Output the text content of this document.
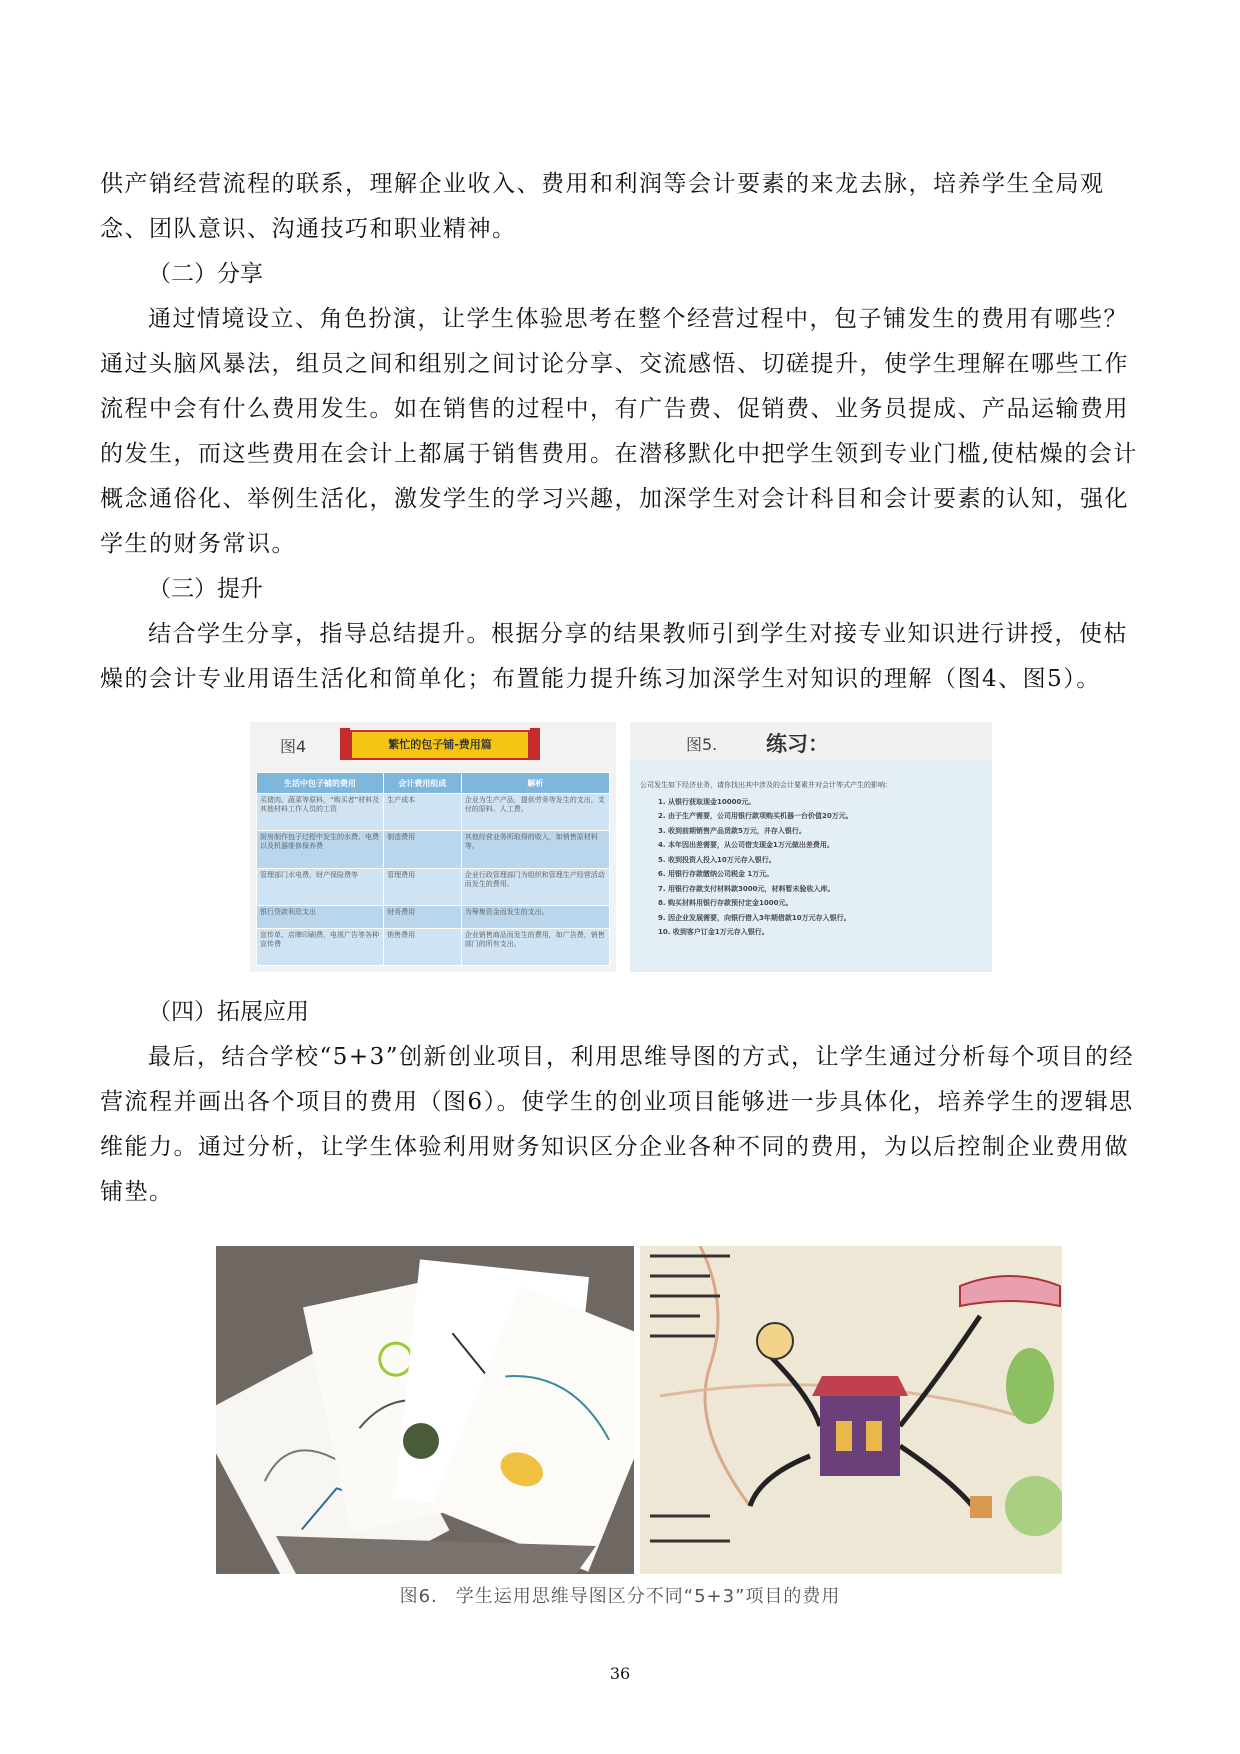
供产销经营流程的联系，理解企业收入、费用和利润等会计要素的来龙去脉，培养学生全局观念、团队意识、沟通技巧和职业精神。

（二）分享

通过情境设立、角色扮演，让学生体验思考在整个经营过程中，包子铺发生的费用有哪些？通过头脑风暴法，组员之间和组别之间讨论分享、交流感悟、切磋提升，使学生理解在哪些工作流程中会有什么费用发生。如在销售的过程中，有广告费、促销费、业务员提成、产品运输费用的发生，而这些费用在会计上都属于销售费用。在潜移默化中把学生领到专业门槛,使枯燥的会计概念通俗化、举例生活化，激发学生的学习兴趣，加深学生对会计科目和会计要素的认知，强化学生的财务常识。

（三）提升

结合学生分享，指导总结提升。根据分享的结果教师引到学生对接专业知识进行讲授，使枯燥的会计专业用语生活化和简单化；布置能力提升练习加深学生对知识的理解（图4、图5）。

图4	繁忙的包子铺-费用篇
生活中包子铺的费用	会计费用组成	解析
买猪肉、蔬菜等原料，“购买者”材料及其他材料工作人员的工资	生产成本	企业为生产产品，提供劳务等发生的支出，支付的原料、人工费。
厨房制作包子过程中发生的水费、电费以及机器维修保养费	制造费用	其他经营业务所取得的收入，如销售原材料等。
管理部门水电费、财产保险费等	管理费用	企业行政管理部门为组织和管理生产经营活动而发生的费用。
银行贷款利息支出	财务费用	为筹集资金而发生的支出。
宣传单、店牌印刷费、电视广告等各种宣传费	销售费用	企业销售商品而发生的费用，如广告费，销售部门的所有支出。
图5. 练习：
公司发生如下经济业务，请你找出其中涉及的会计要素并对会计等式产生的影响：
1. 从银行获取现金10000元。
2. 由于生产需要，公司用银行款项购买机器一台价值20万元。
3. 收到前期销售产品货款5万元，并存入银行。
4. 本年因出差需要，从公司借支现金1万元做出差费用。
5. 收到投资人投入10万元存入银行。
6. 用银行存款缴纳公司税金 1万元。
7. 用银行存款支付材料款3000元，材料暂未验收入库。
8. 购买材料用银行存款预付定金1000元。
9. 因企业发展需要，向银行借入3年期借款10万元存入银行。
10. 收到客户订金1万元存入银行。

（四）拓展应用

最后，结合学校“5+3”创新创业项目，利用思维导图的方式，让学生通过分析每个项目的经营流程并画出各个项目的费用（图6）。使学生的创业项目能够进一步具体化，培养学生的逻辑思维能力。通过分析，让学生体验利用财务知识区分企业各种不同的费用，为以后控制企业费用做铺垫。

图6. 学生运用思维导图区分不同“5+3”项目的费用
36
